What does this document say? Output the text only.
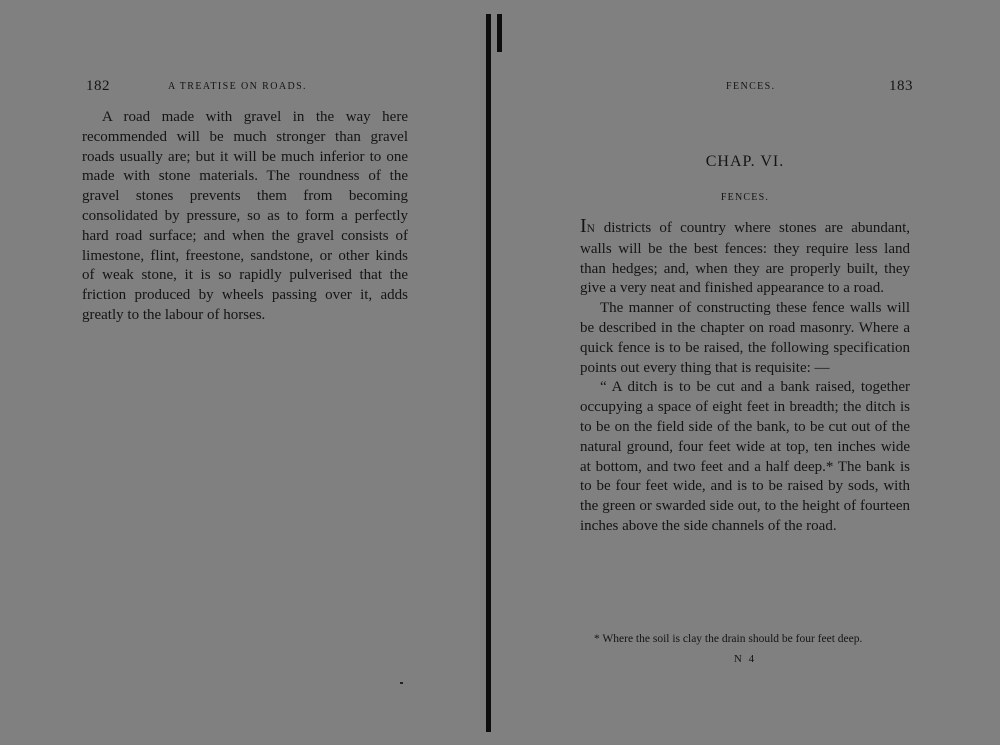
182	A TREATISE ON ROADS.

A road made with gravel in the way here recommended will be much stronger than gravel roads usually are; but it will be much inferior to one made with stone materials. The roundness of the gravel stones prevents them from becoming consolidated by pressure, so as to form a perfectly hard road surface; and when the gravel consists of limestone, flint, freestone, sandstone, or other kinds of weak stone, it is so rapidly pulverised that the friction produced by wheels passing over it, adds greatly to the labour of horses.

FENCES.	183
CHAP. VI.
FENCES.

IN districts of country where stones are abundant, walls will be the best fences: they require less land than hedges; and, when they are properly built, they give a very neat and finished appearance to a road.

The manner of constructing these fence walls will be described in the chapter on road masonry. Where a quick fence is to be raised, the following specification points out every thing that is requisite: —

“ A ditch is to be cut and a bank raised, together occupying a space of eight feet in breadth; the ditch is to be on the field side of the bank, to be cut out of the natural ground, four feet wide at top, ten inches wide at bottom, and two feet and a half deep.* The bank is to be four feet wide, and is to be raised by sods, with the green or swarded side out, to the height of fourteen inches above the side channels of the road.

* Where the soil is clay the drain should be four feet deep.
N 4
